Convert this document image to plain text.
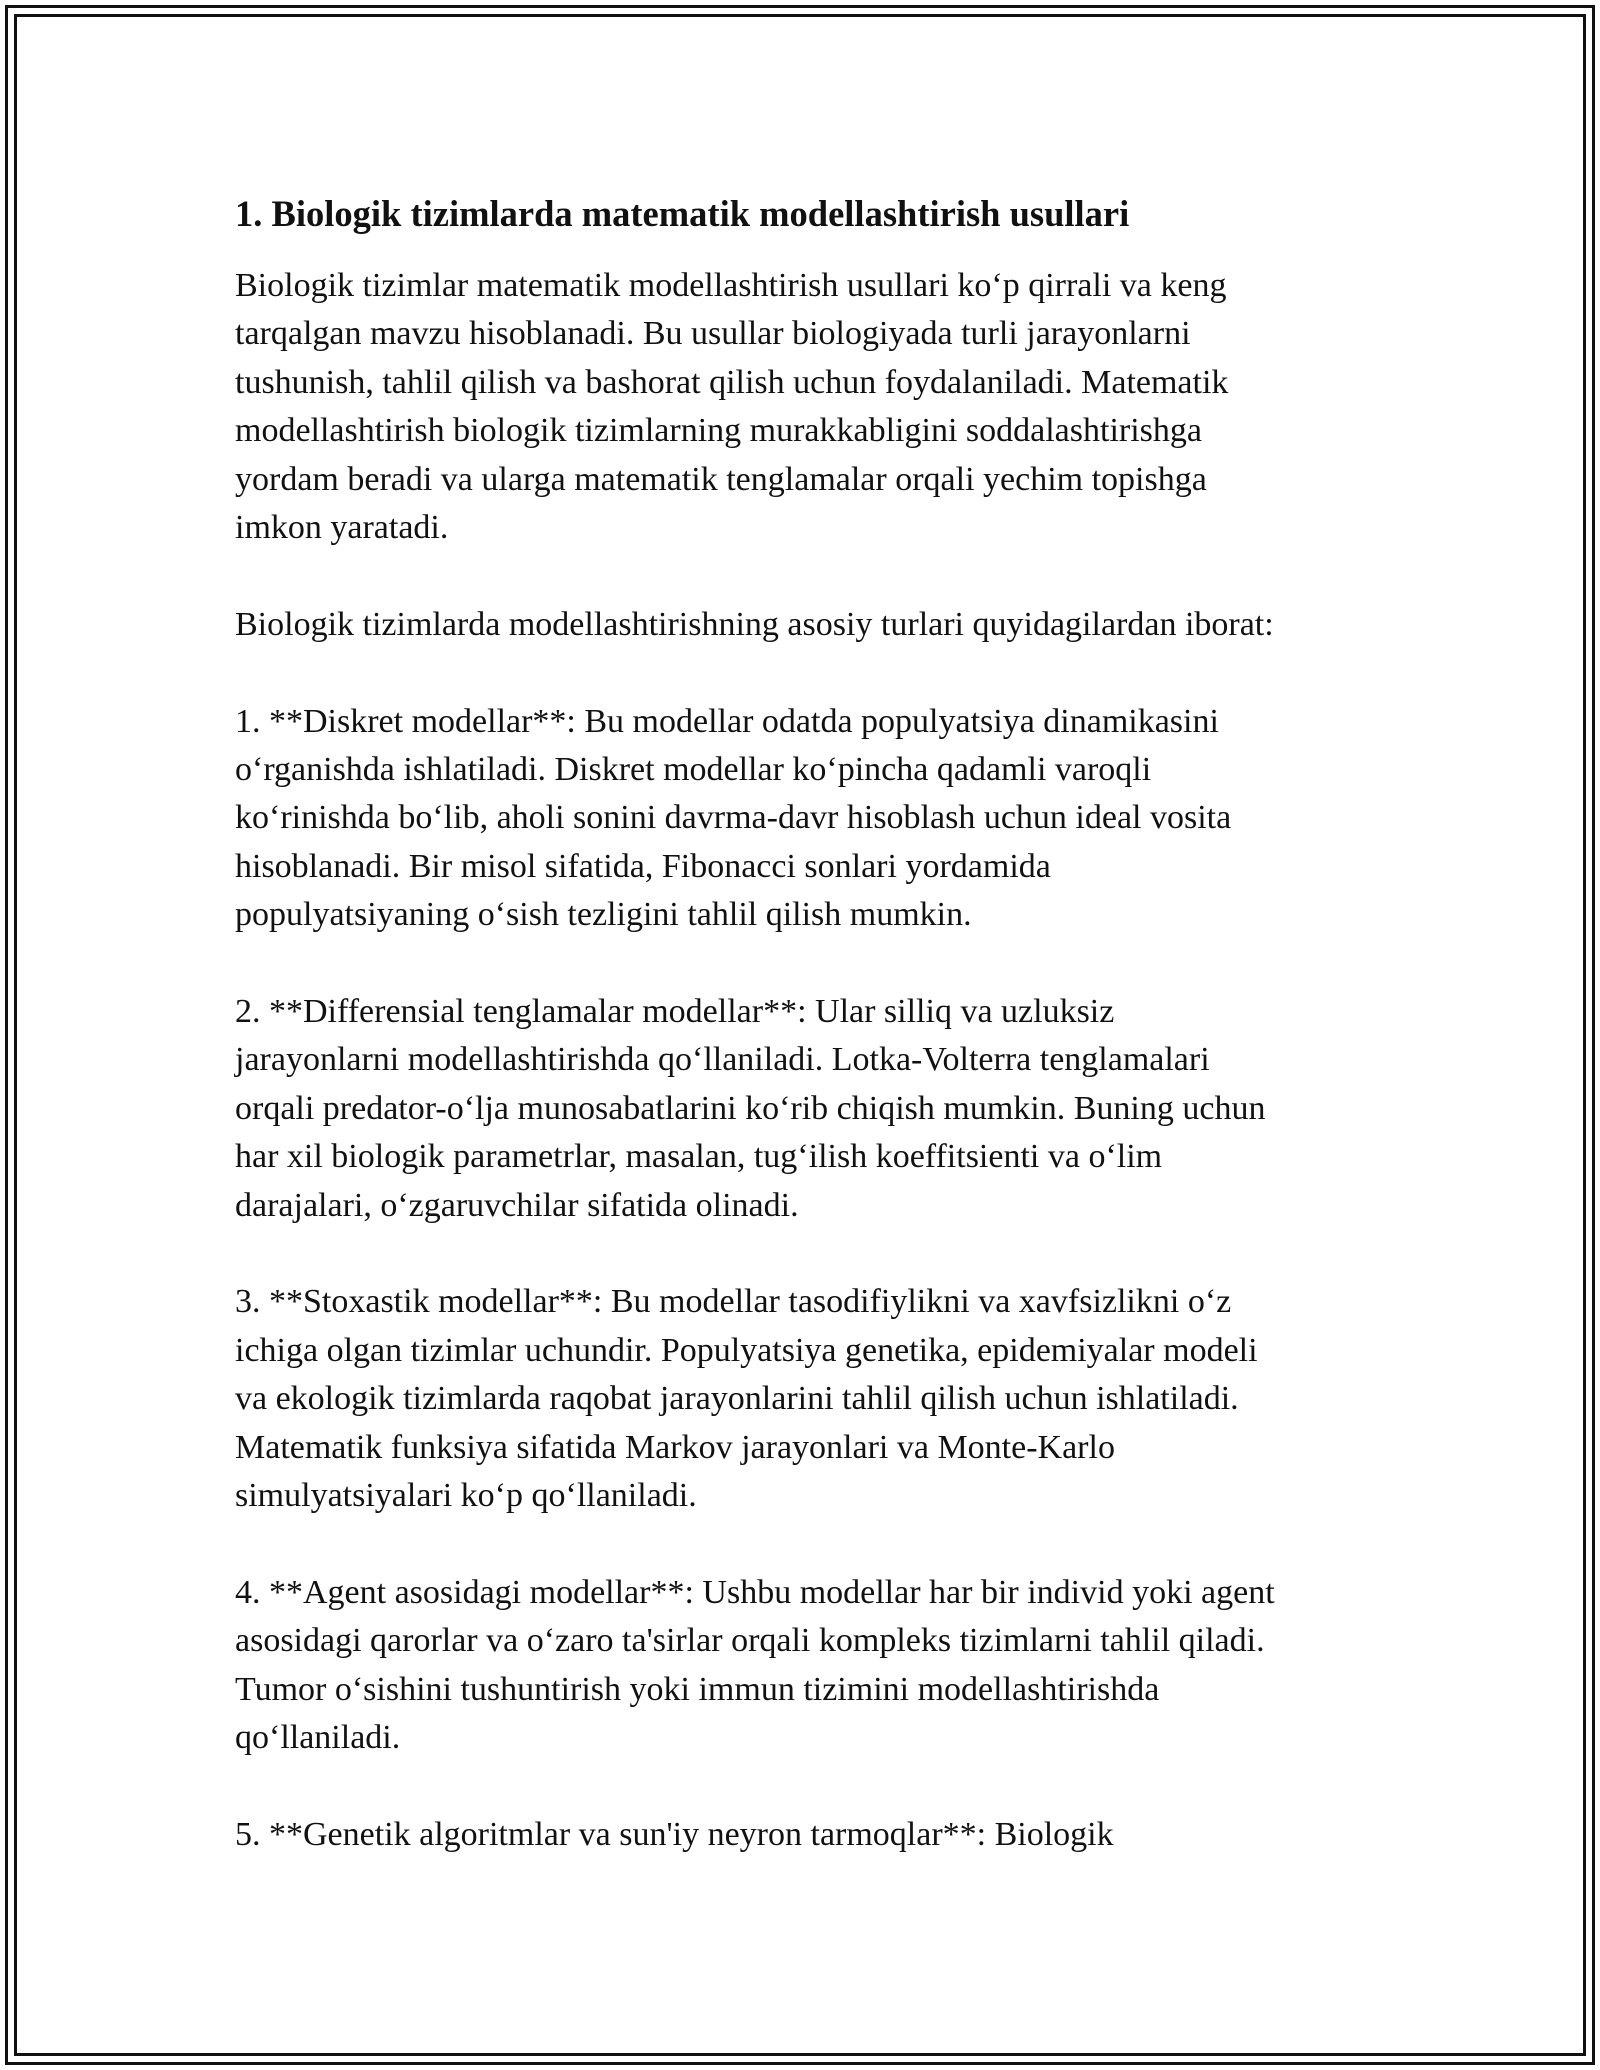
1. Biologik tizimlarda matematik modellashtirish usullari

Biologik tizimlar matematik modellashtirish usullari ko‘p qirrali va keng
tarqalgan mavzu hisoblanadi. Bu usullar biologiyada turli jarayonlarni
tushunish, tahlil qilish va bashorat qilish uchun foydalaniladi. Matematik
modellashtirish biologik tizimlarning murakkabligini soddalashtirishga
yordam beradi va ularga matematik tenglamalar orqali yechim topishga
imkon yaratadi.

Biologik tizimlarda modellashtirishning asosiy turlari quyidagilardan iborat:

1. **Diskret modellar**: Bu modellar odatda populyatsiya dinamikasini
o‘rganishda ishlatiladi. Diskret modellar ko‘pincha qadamli varoqli
ko‘rinishda bo‘lib, aholi sonini davrma-davr hisoblash uchun ideal vosita
hisoblanadi. Bir misol sifatida, Fibonacci sonlari yordamida
populyatsiyaning o‘sish tezligini tahlil qilish mumkin.

2. **Differensial tenglamalar modellar**: Ular silliq va uzluksiz
jarayonlarni modellashtirishda qo‘llaniladi. Lotka-Volterra tenglamalari
orqali predator-o‘lja munosabatlarini ko‘rib chiqish mumkin. Buning uchun
har xil biologik parametrlar, masalan, tug‘ilish koeffitsienti va o‘lim
darajalari, o‘zgaruvchilar sifatida olinadi.

3. **Stoxastik modellar**: Bu modellar tasodifiylikni va xavfsizlikni o‘z
ichiga olgan tizimlar uchundir. Populyatsiya genetika, epidemiyalar modeli
va ekologik tizimlarda raqobat jarayonlarini tahlil qilish uchun ishlatiladi.
Matematik funksiya sifatida Markov jarayonlari va Monte-Karlo
simulyatsiyalari ko‘p qo‘llaniladi.

4. **Agent asosidagi modellar**: Ushbu modellar har bir individ yoki agent
asosidagi qarorlar va o‘zaro ta'sirlar orqali kompleks tizimlarni tahlil qiladi.
Tumor o‘sishini tushuntirish yoki immun tizimini modellashtirishda
qo‘llaniladi.

5. **Genetik algoritmlar va sun'iy neyron tarmoqlar**: Biologik
